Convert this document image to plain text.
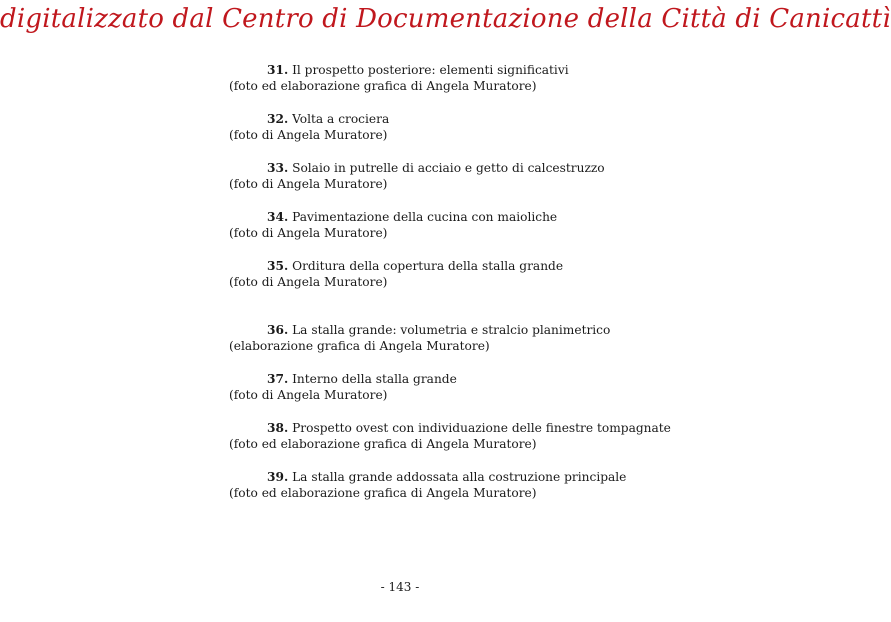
digitalizzato dal Centro di Documentazione della Città di Canicattì
31. Il prospetto posteriore: elementi significativi
(foto ed elaborazione grafica di Angela Muratore)
32. Volta a crociera
(foto di Angela Muratore)
33. Solaio in putrelle di acciaio e getto di calcestruzzo
(foto di Angela Muratore)
34. Pavimentazione della cucina con maioliche
(foto di Angela Muratore)
35. Orditura della copertura della stalla grande
(foto di Angela Muratore)
36. La stalla grande: volumetria e stralcio planimetrico
(elaborazione grafica di Angela Muratore)
37. Interno della stalla grande
(foto di Angela Muratore)
38. Prospetto ovest con individuazione delle finestre tompagnate
(foto ed elaborazione grafica di Angela Muratore)
39. La stalla grande addossata alla costruzione principale
(foto ed elaborazione grafica di Angela Muratore)
- 143 -
